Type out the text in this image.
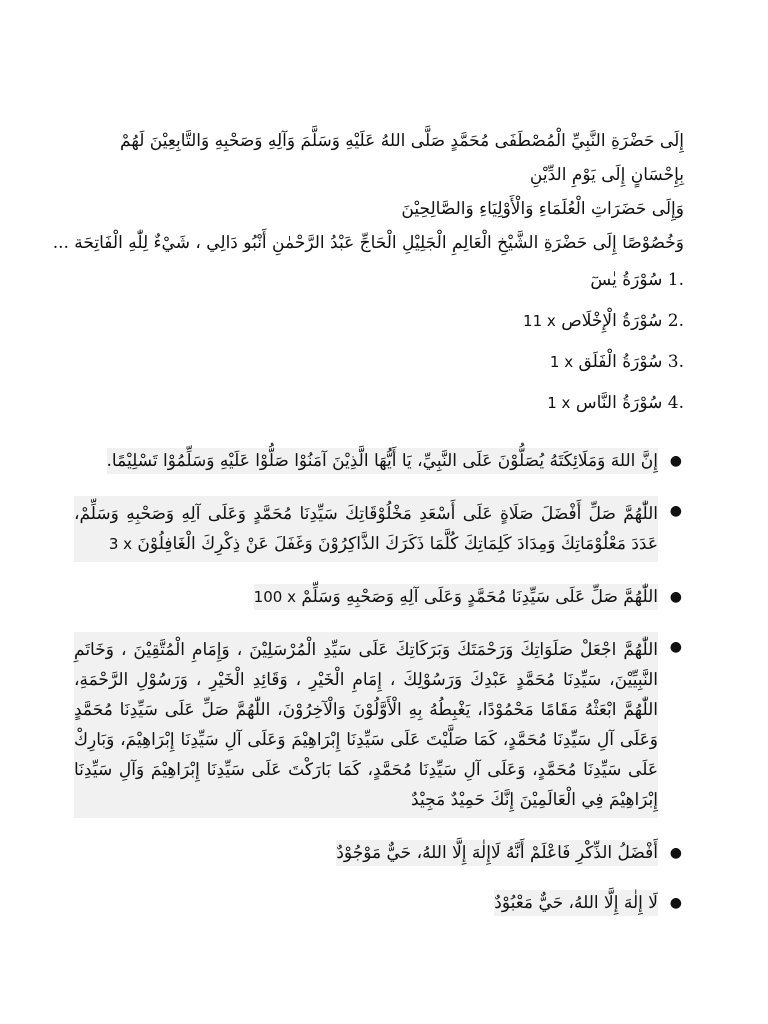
إِلَى حَضْرَةِ النَّبِيِّ الْمُصْطَفَى مُحَمَّدٍ صَلَّى اللهُ عَلَيْهِ وَسَلَّمَ وَآلِهِ وَصَحْبِهِ وَالتَّابِعِيْنَ لَهُمْ بِإِحْسَانٍ إِلَى يَوْمِ الدِّيْنِ
وَإِلَى حَضَرَاتِ الْعُلَمَاءِ وَالْأَوْلِيَاءِ وَالصَّالِحِيْنَ
وَخُصُوْصًا إِلَى حَضْرَةِ الشَّيْخِ الْعَالِمِ الْجَلِيْلِ الْحَاجِّ عَبْدُ الرَّحْمٰنِ أَنْبُو دَالِي ، شَيْءٌ لِلّٰهِ الْفَاتِحَة ...
1. سُوْرَةُ يٰسٓ
2. سُوْرَةُ الْإِخْلَاص 11 x
3. سُوْرَةُ الْفَلَق 1 x
4. سُوْرَةُ النَّاس 1 x
●
إِنَّ اللهَ وَمَلَائِكَتَهُ يُصَلُّوْنَ عَلَى النَّبِيِّ، يَا أَيُّهَا الَّذِيْنَ آمَنُوْا صَلُّوْا عَلَيْهِ وَسَلِّمُوْا تَسْلِيْمًا.
●
اللّٰهُمَّ صَلِّ أَفْضَلَ صَلَاةٍ عَلَى أَسْعَدِ مَخْلُوْقَاتِكَ سَيِّدِنَا مُحَمَّدٍ وَعَلَى آلِهِ وَصَحْبِهِ وَسَلِّمْ، عَدَدَ مَعْلُوْمَاتِكَ وَمِدَادَ كَلِمَاتِكَ كُلَّمَا ذَكَرَكَ الذَّاكِرُوْنَ وَغَفَلَ عَنْ ذِكْرِكَ الْغَافِلُوْنَ 3 x
●
اللّٰهُمَّ صَلِّ عَلَى سَيِّدِنَا مُحَمَّدٍ وَعَلَى آلِهِ وَصَحْبِهِ وَسَلِّمْ 100 x
●
اللّٰهُمَّ اجْعَلْ صَلَوَاتِكَ وَرَحْمَتَكَ وَبَرَكَاتِكَ عَلَى سَيِّدِ الْمُرْسَلِيْنَ ، وَإِمَامِ الْمُتَّقِيْنَ ، وَخَاتَمِ النَّبِيِّيْنَ، سَيِّدِنَا مُحَمَّدٍ عَبْدِكَ وَرَسُوْلِكَ ، إِمَامِ الْخَيْرِ ، وَقَائِدِ الْخَيْرِ ، وَرَسُوْلِ الرَّحْمَةِ، اللّٰهُمَّ ابْعَثْهُ مَقَامًا مَحْمُوْدًا، يَغْبِطُهُ بِهِ الْأَوَّلُوْنَ وَالْآخِرُوْنَ، اللّٰهُمَّ صَلِّ عَلَى سَيِّدِنَا مُحَمَّدٍ وَعَلَى آلِ سَيِّدِنَا مُحَمَّدٍ، كَمَا صَلَّيْتَ عَلَى سَيِّدِنَا إِبْرَاهِيْمَ وَعَلَى آلِ سَيِّدِنَا إِبْرَاهِيْمَ، وَبَارِكْ عَلَى سَيِّدِنَا مُحَمَّدٍ، وَعَلَى آلِ سَيِّدِنَا مُحَمَّدٍ، كَمَا بَارَكْتَ عَلَى سَيِّدِنَا إِبْرَاهِيْمَ وَآلِ سَيِّدِنَا إِبْرَاهِيْمَ فِي الْعَالَمِيْنَ إِنَّكَ حَمِيْدٌ مَجِيْدٌ
●
أَفْضَلُ الذِّكْرِ فَاعْلَمْ أَنَّهُ لَاإِلٰهَ إِلَّا اللهُ، حَيٌّ مَوْجُوْدٌ
●
لَا إِلٰهَ إِلَّا اللهُ، حَيٌّ مَعْبُوْدٌ
